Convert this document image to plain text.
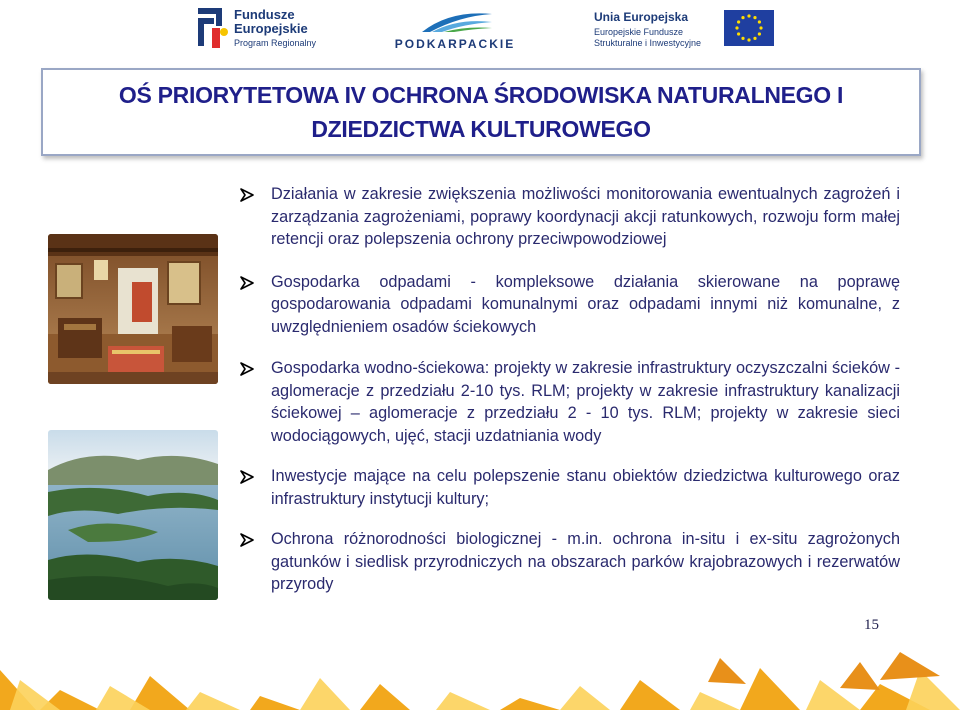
Fundusze
Europejskie
Program Regionalny	PODKARPACKIE
Unia Europejska
Europejskie Fundusze
Strukturalne i Inwestycyjne
OŚ PRIORYTETOWA IV OCHRONA ŚRODOWISKA NATURALNEGO I DZIEDZICTWA KULTUROWEGO
Działania w zakresie zwiększenia możliwości monitorowania ewentualnych zagrożeń i zarządzania zagrożeniami, poprawy koordynacji akcji ratunkowych, rozwoju form małej retencji oraz polepszenia ochrony przeciwpowodziowej
Gospodarka odpadami - kompleksowe działania skierowane na poprawę gospodarowania odpadami komunalnymi oraz odpadami innymi niż komunalne, z uwzględnieniem osadów ściekowych
Gospodarka wodno-ściekowa: projekty w zakresie infrastruktury oczyszczalni ścieków - aglomeracje z przedziału 2-10 tys. RLM; projekty w zakresie infrastruktury kanalizacji ściekowej – aglomeracje z przedziału 2 - 10 tys. RLM; projekty w zakresie sieci wodociągowych, ujęć, stacji uzdatniania wody
Inwestycje mające na celu polepszenie stanu obiektów dziedzictwa kulturowego oraz infrastruktury instytucji kultury;
Ochrona różnorodności biologicznej - m.in. ochrona in-situ i ex-situ zagrożonych gatunków i siedlisk przyrodniczych na obszarach parków krajobrazowych i rezerwatów przyrody
15
